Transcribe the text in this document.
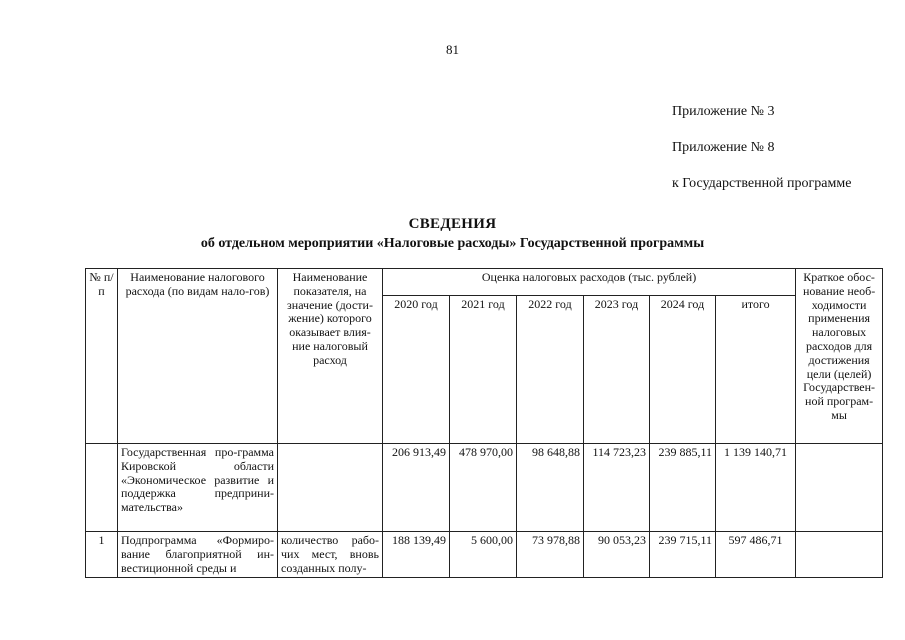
81
Приложение № 3
Приложение № 8
к Государственной программе
СВЕДЕНИЯ
об отдельном мероприятии «Налоговые расходы» Государственной программы
№ п/п	Наименование налогового расхода (по видам нало-гов)	Наименование показателя, на значение (дости-жение) которого оказывает влия-ние налоговый расход	Оценка налоговых расходов (тыс. рублей)						Краткое обос-нование необ-ходимости применения налоговых расходов для достижения цели (целей) Государствен-ной програм-мы
			2020 год	2021 год	2022 год	2023 год	2024 год	итого	
	Государственная про-грамма Кировской области «Экономическое развитие и поддержка предприни-мательства»		206 913,49	478 970,00	98 648,88	114 723,23	239 885,11	1 139 140,71	
1	Подпрограмма «Формиро-вание благоприятной ин-вестиционной среды и	количество рабо-чих мест, вновь созданных полу-	188 139,49	5 600,00	73 978,88	90 053,23	239 715,11	597 486,71	
